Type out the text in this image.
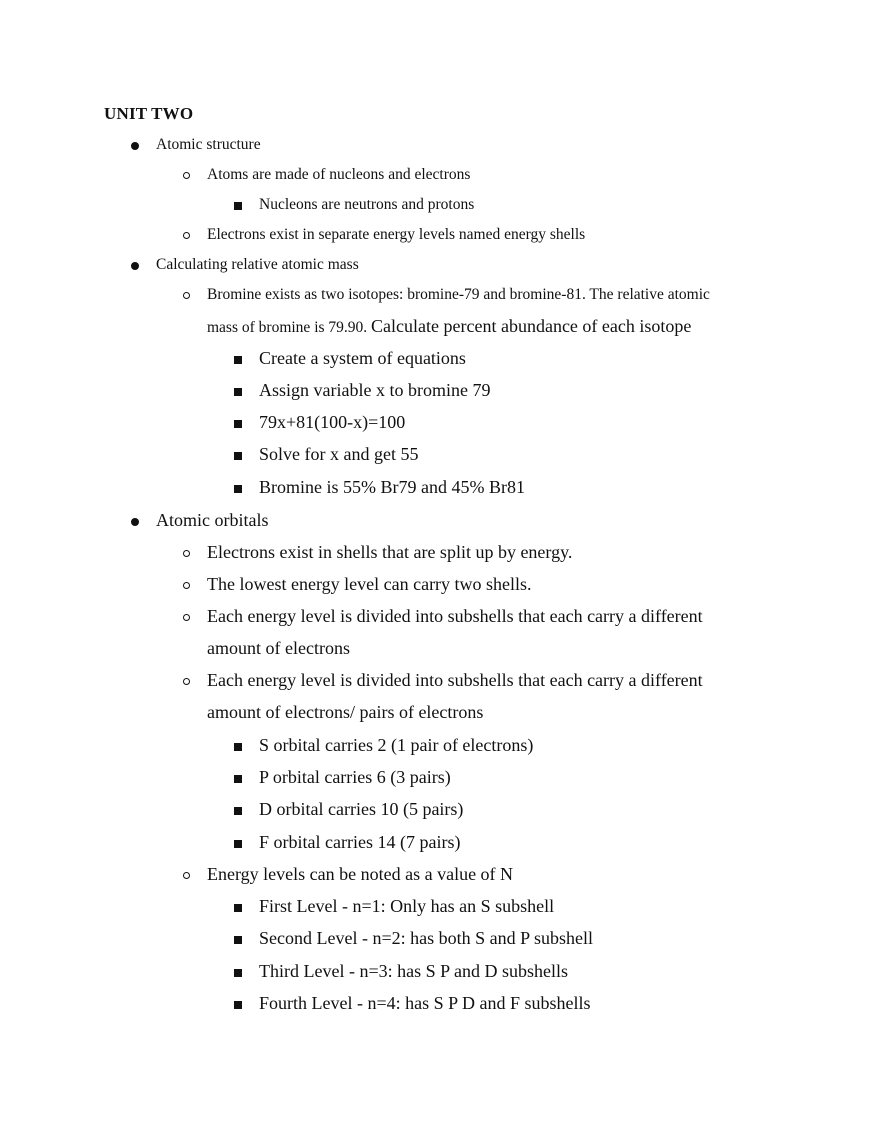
UNIT TWO
Atomic structure
Atoms are made of nucleons and electrons
Nucleons are neutrons and protons
Electrons exist in separate energy levels named energy shells
Calculating relative atomic mass
Bromine exists as two isotopes: bromine-79 and bromine-81. The relative atomic
mass of bromine is 79.90. Calculate percent abundance of each isotope
Create a system of equations
Assign variable x to bromine 79
79x+81(100-x)=100
Solve for x and get 55
Bromine is 55% Br79 and 45% Br81
Atomic orbitals
Electrons exist in shells that are split up by energy.
The lowest energy level can carry two shells.
Each energy level is divided into subshells that each carry a different
amount of electrons
Each energy level is divided into subshells that each carry a different
amount of electrons/ pairs of electrons
S orbital carries 2 (1 pair of electrons)
P orbital carries 6 (3 pairs)
D orbital carries 10 (5 pairs)
F orbital carries 14 (7 pairs)
Energy levels can be noted as a value of N
First Level - n=1: Only has an S subshell
Second Level - n=2: has both S and P subshell
Third Level - n=3: has S P and D subshells
Fourth Level - n=4: has S P D and F subshells
